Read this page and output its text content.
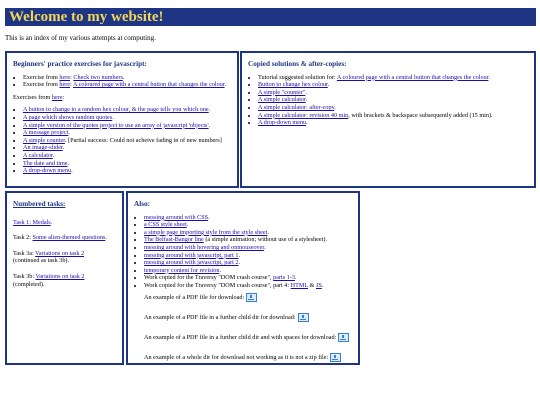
Welcome to my website!
This is an index of my various attempts at computing.
Beginners' practice exercises for javascript:
• Exercise from here: Check two numbers.
• Exercise from here: A coloured page with a central button that changes the colour.
Exercises from here:
• A button to change to a random hex colour, & the page tells you which one.
• A page which shows random quotes.
• A simple version of the quotes project to use an array of javascript 'objects'.
• A message project.
• A simple counter. [Partial success: Could not acheive fading in of new numbers]
• An image-slider.
• A calculator.
• The date and time.
• A drop-down menu.
Copied solutions & after-copies:
• Tutorial suggested solution for: A coloured page with a central button that changes the colour.
• Button to change hex colour.
• A simple "counter".
• A simple calculator.
• A simple calculator: after-copy.
• A simple calculator: revision 40 min, with brackets & backspace subsequently added (15 min).
• A drop-down menu.
Numbered tasks:
Task 1: Medals.
Task 2: Some alien-themed questions.
Task 3a: Variations on task 2
(continued as task 3b).
Task 3b: Variations on task 2 (completed).
Also:
• messing around with CSS.
• a CSS style sheet.
• a simple page importing style from the style sheet.
• The Belfast-Bangor line (a simple animation; without use of a stylesheet).
• messing around with hovering and onmouseover.
• messing around with javascript, part 1.
• messing around with javascript, part 2.
• temporary content for revision.
• Work copied for the Traversy "DOM crash course", parts 1-3.
• Work copied for the Traversy "DOM crash course", part 4: HTML & JS.
An example of a PDF file for download:
An example of a PDF file in a further child dir for download:
An example of a PDF file in a further child dir and with spaces for download:
An example of a whole dir for download not working as it is not a zip file:
